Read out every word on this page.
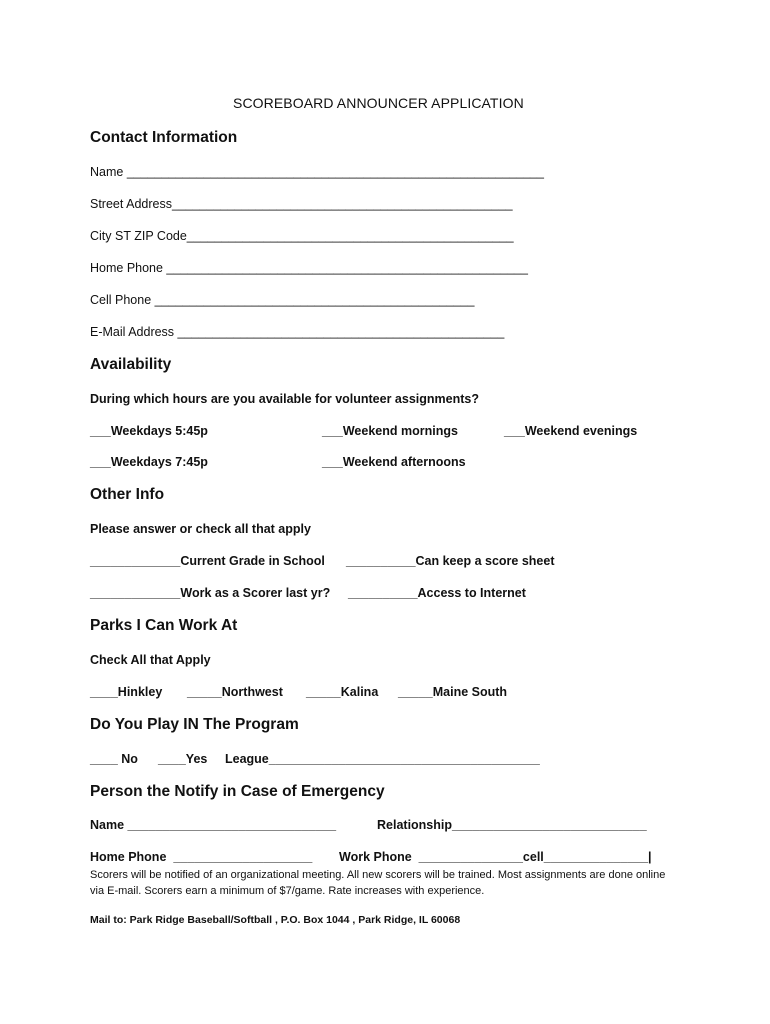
SCOREBOARD ANNOUNCER APPLICATION
Contact Information
Name ____________________________________________________________
Street Address_________________________________________________
City ST ZIP Code_______________________________________________
Home Phone ____________________________________________________
Cell Phone ______________________________________________
E-Mail Address _______________________________________________
Availability
During which hours are you available for volunteer assignments?
___Weekdays 5:45p	___Weekend mornings	___Weekend evenings
___Weekdays 7:45p	___Weekend afternoons
Other Info
Please answer or check all that apply
_____________Current Grade in School __________Can keep a score sheet
_____________Work as a Scorer last yr? __________Access to Internet
Parks I Can Work At
Check All that Apply
____Hinkley _____Northwest _____Kalina _____Maine South
Do You Play IN The Program
____ No ____Yes League_______________________________________
Person the Notify in Case of Emergency
Name ______________________________	Relationship____________________________
Home Phone  ____________________ Work Phone  _______________cell_______________|
Scorers will be notified of an organizational meeting. All new scorers will be trained. Most assignments are done online via E-mail. Scorers earn a minimum of $7/game. Rate increases with experience.
Mail to: Park Ridge Baseball/Softball , P.O. Box 1044 , Park Ridge, IL 60068
